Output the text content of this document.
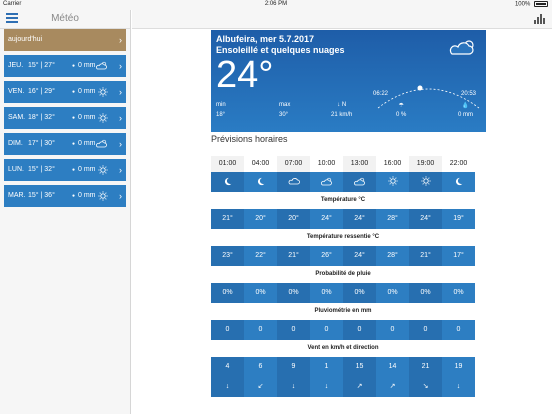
Carrier	2:06 PM	100%
Météo
aujourd'hui	›
JEU. 15° | 27°	● 0 mm	›
VEN. 16° | 29°	● 0 mm	›
SAM. 18° | 32°	● 0 mm	›
DIM. 17° | 30°	● 0 mm	›
LUN. 15° | 32°	● 0 mm	›
MAR. 15° | 36°	● 0 mm	›
Albufeira, mer 5.7.2017
Ensoleillé et quelques nuages
24°	06:22	20:53
min
18°
max
30°
↓ N
21 km/h
☂
0 %
💧
0 mm
Prévisions horaires
01:00	04:00	07:00	10:00	13:00	16:00	19:00	22:00
Température °C
21°	20°	20°	24°	24°	28°	24°	19°
Température ressentie °C
23°	22°	21°	26°	24°	28°	21°	17°
Probabilité de pluie
0%	0%	0%	0%	0%	0%	0%	0%
Pluviométrie en mm
0	0	0	0	0	0	0	0
Vent en km/h et direction
4	6	9	1	15	14	21	19
↓	↙	↓	↓	↗	↗	↘	↓
